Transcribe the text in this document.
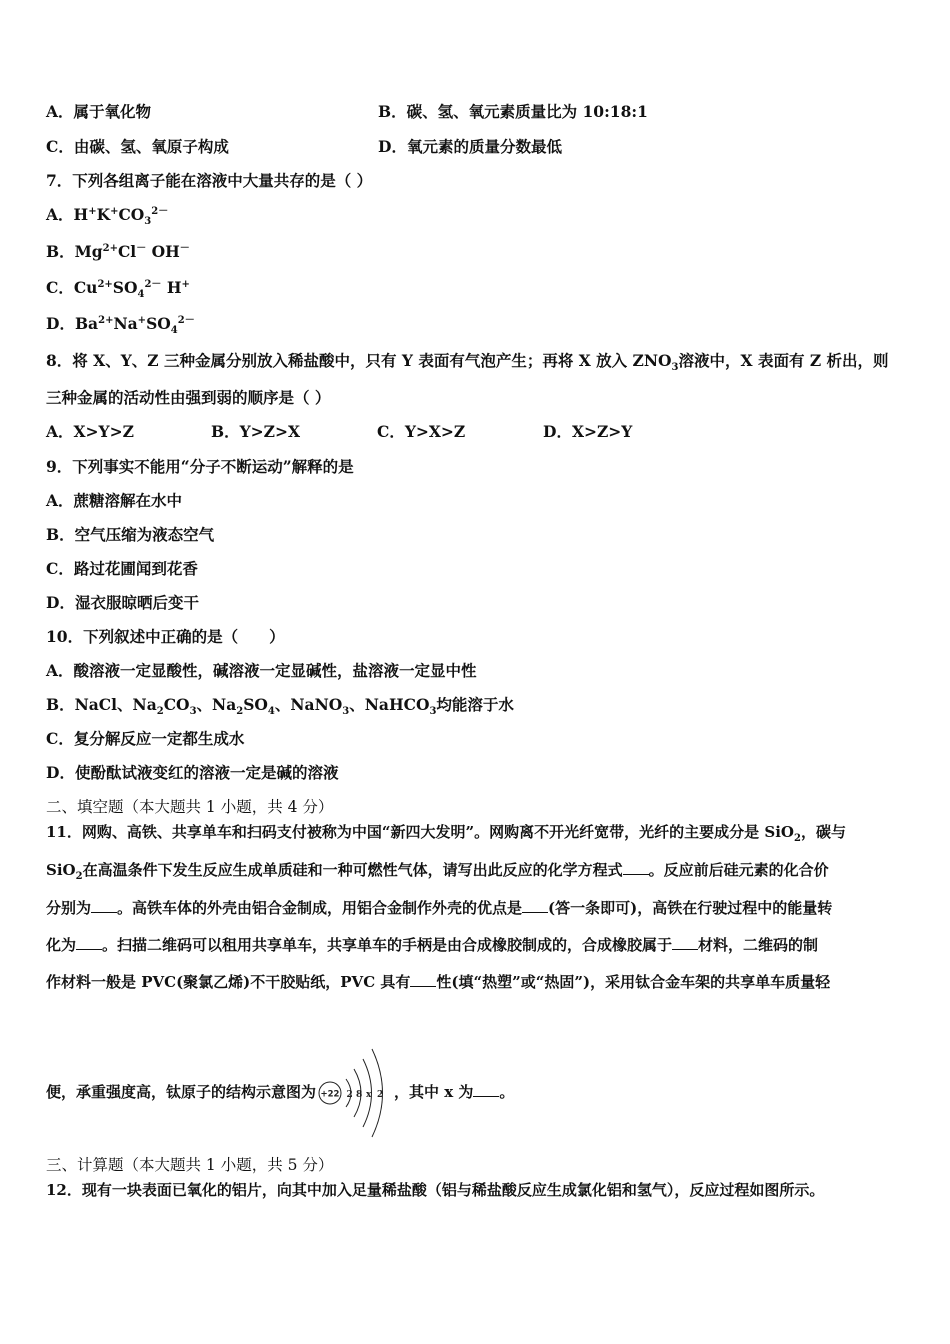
A．属于氧化物	B．碳、氢、氧元素质量比为 10:18:1
C．由碳、氢、氧原子构成	D．氧元素的质量分数最低
7．下列各组离子能在溶液中大量共存的是（ ）
A．$H^+K^+CO_3^{2-}$
B．$Mg^{2+}Cl^-$ OH－
C．$Cu^{2+}SO_4^{2-}$ H+
D．$Ba^{2+}Na^+SO_4^{2-}$
8．将 X、Y、Z 三种金属分别放入稀盐酸中，只有 Y 表面有气泡产生；再将 X 放入 $ZNO_3$溶液中，X 表面有 Z 析出，则
三种金属的活动性由强到弱的顺序是（ ）
A．X>Y>Z	B．Y>Z>X	C．Y>X>Z	D．X>Z>Y
9．下列事实不能用“分子不断运动”解释的是
A．蔗糖溶解在水中
B．空气压缩为液态空气
C．路过花圃闻到花香
D．湿衣服晾晒后变干
10．下列叙述中正确的是（　　）
A．酸溶液一定显酸性，碱溶液一定显碱性，盐溶液一定显中性
B．NaCl、$Na_2CO_3$、$Na_2SO_4$、NaNO$_3$、NaHCO$_3$均能溶于水
C．复分解反应一定都生成水
D．使酚酞试液变红的溶液一定是碱的溶液
二、填空题（本大题共 1 小题，共 4 分）
11．网购、高铁、共享单车和扫码支付被称为中国“新四大发明”。网购离不开光纤宽带，光纤的主要成分是 SiO$_2$，碳与
SiO$_2$在高温条件下发生反应生成单质硅和一种可燃性气体，请写出此反应的化学方程式 。反应前后硅元素的化合价
分别为 。高铁车体的外壳由铝合金制成，用铝合金制作外壳的优点是 (答一条即可)，高铁在行驶过程中的能量转
化为 。扫描二维码可以租用共享单车，共享单车的手柄是由合成橡胶制成的，合成橡胶属于 材料，二维码的制
作材料一般是 PVC(聚氯乙烯)不干胶贴纸，PVC 具有 性(填“热塑”或“热固”)，采用钛合金车架的共享单车质量轻
便，承重强度高，钛原子的结构示意图为 +22 2 8 x 2 ，其中 x 为 。
三、计算题（本大题共 1 小题，共 5 分）
12．现有一块表面已氧化的铝片，向其中加入足量稀盐酸（铝与稀盐酸反应生成氯化铝和氢气），反应过程如图所示。
